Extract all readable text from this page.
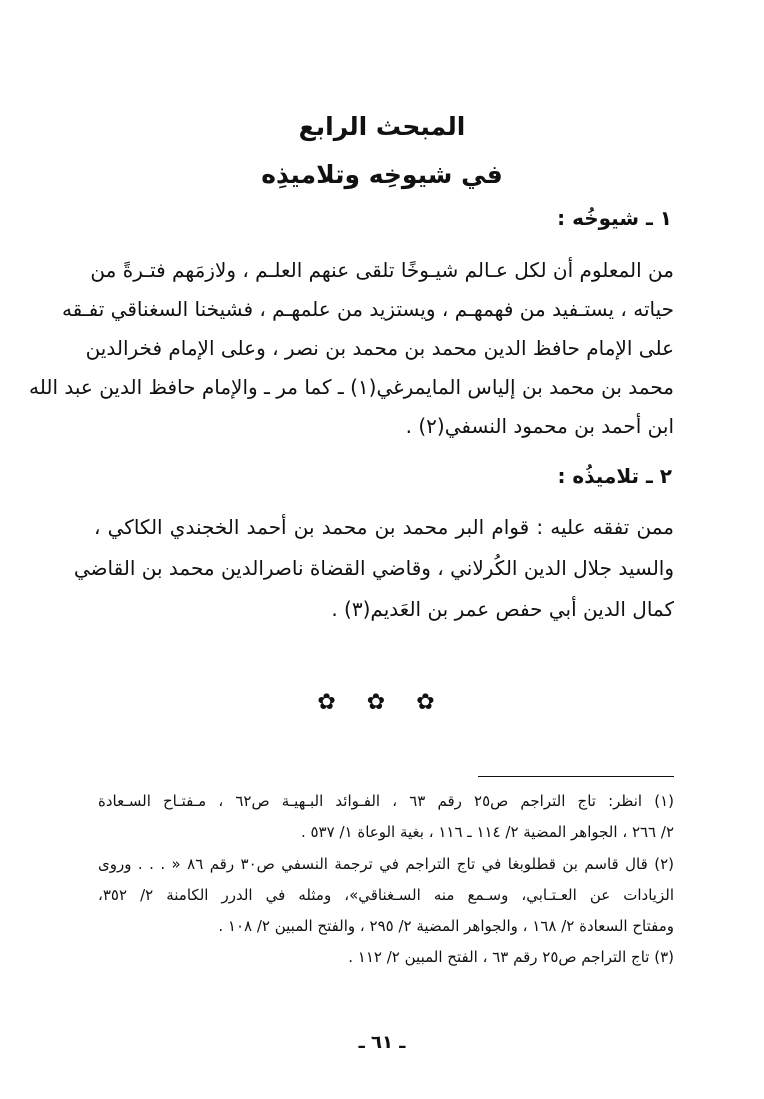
المبحث الرابع
في شيوخِه وتلاميذِه
١ ـ شيوخُه :
من المعلوم أن لكل عـالم شيـوخًا تلقى عنهم العلـم ، ولازمَهم فتـرةً من
حياته ، يستـفيد من فهمهـم ، ويستزيد من علمهـم ، فشيخنا السغناقي تفـقه
على الإمام حافظ الدين محمد بن محمد بن نصر ، وعلى الإمام فخرالدين
محمد بن محمد بن إلياس المايمرغي(١) ـ كما مر ـ والإمام حافظ الدين عبد الله
ابن أحمد بن محمود النسفي(٢) .
٢ ـ تلاميذُه :
ممن تفقه عليه : قوام البر محمد بن محمد بن أحمد الخجندي الكاكي ،
والسيد جلال الدين الكُرلاني ، وقاضي القضاة ناصرالدين محمد بن القاضي
كمال الدين أبي حفص عمر بن العَديم(٣) .
✿ ✿ ✿
(١) انظر: تاج التراجم ص٢٥ رقم ٦٣ ، الفـوائد البـهيـة ص٦٢ ، مـفتـاح السـعادة
٢/ ٢٦٦ ، الجواهر المضية ٢/ ١١٤ ـ ١١٦ ، بغية الوعاة ١/ ٥٣٧ .
(٢) قال قاسم بن قطلوبغا في تاج التراجم في ترجمة النسفي ص٣٠ رقم ٨٦ « . . . وروى
الزيادات عن العـتـابي، وسـمع منه السـغناقي»، ومثله في الدرر الكامنة ٢/ ٣٥٢،
ومفتاح السعادة ٢/ ١٦٨ ، والجواهر المضية ٢/ ٢٩٥ ، والفتح المبين ٢/ ١٠٨ .
(٣) تاج التراجم ص٢٥ رقم ٦٣ ، الفتح المبين ٢/ ١١٢ .
ـ ٦١ ـ
